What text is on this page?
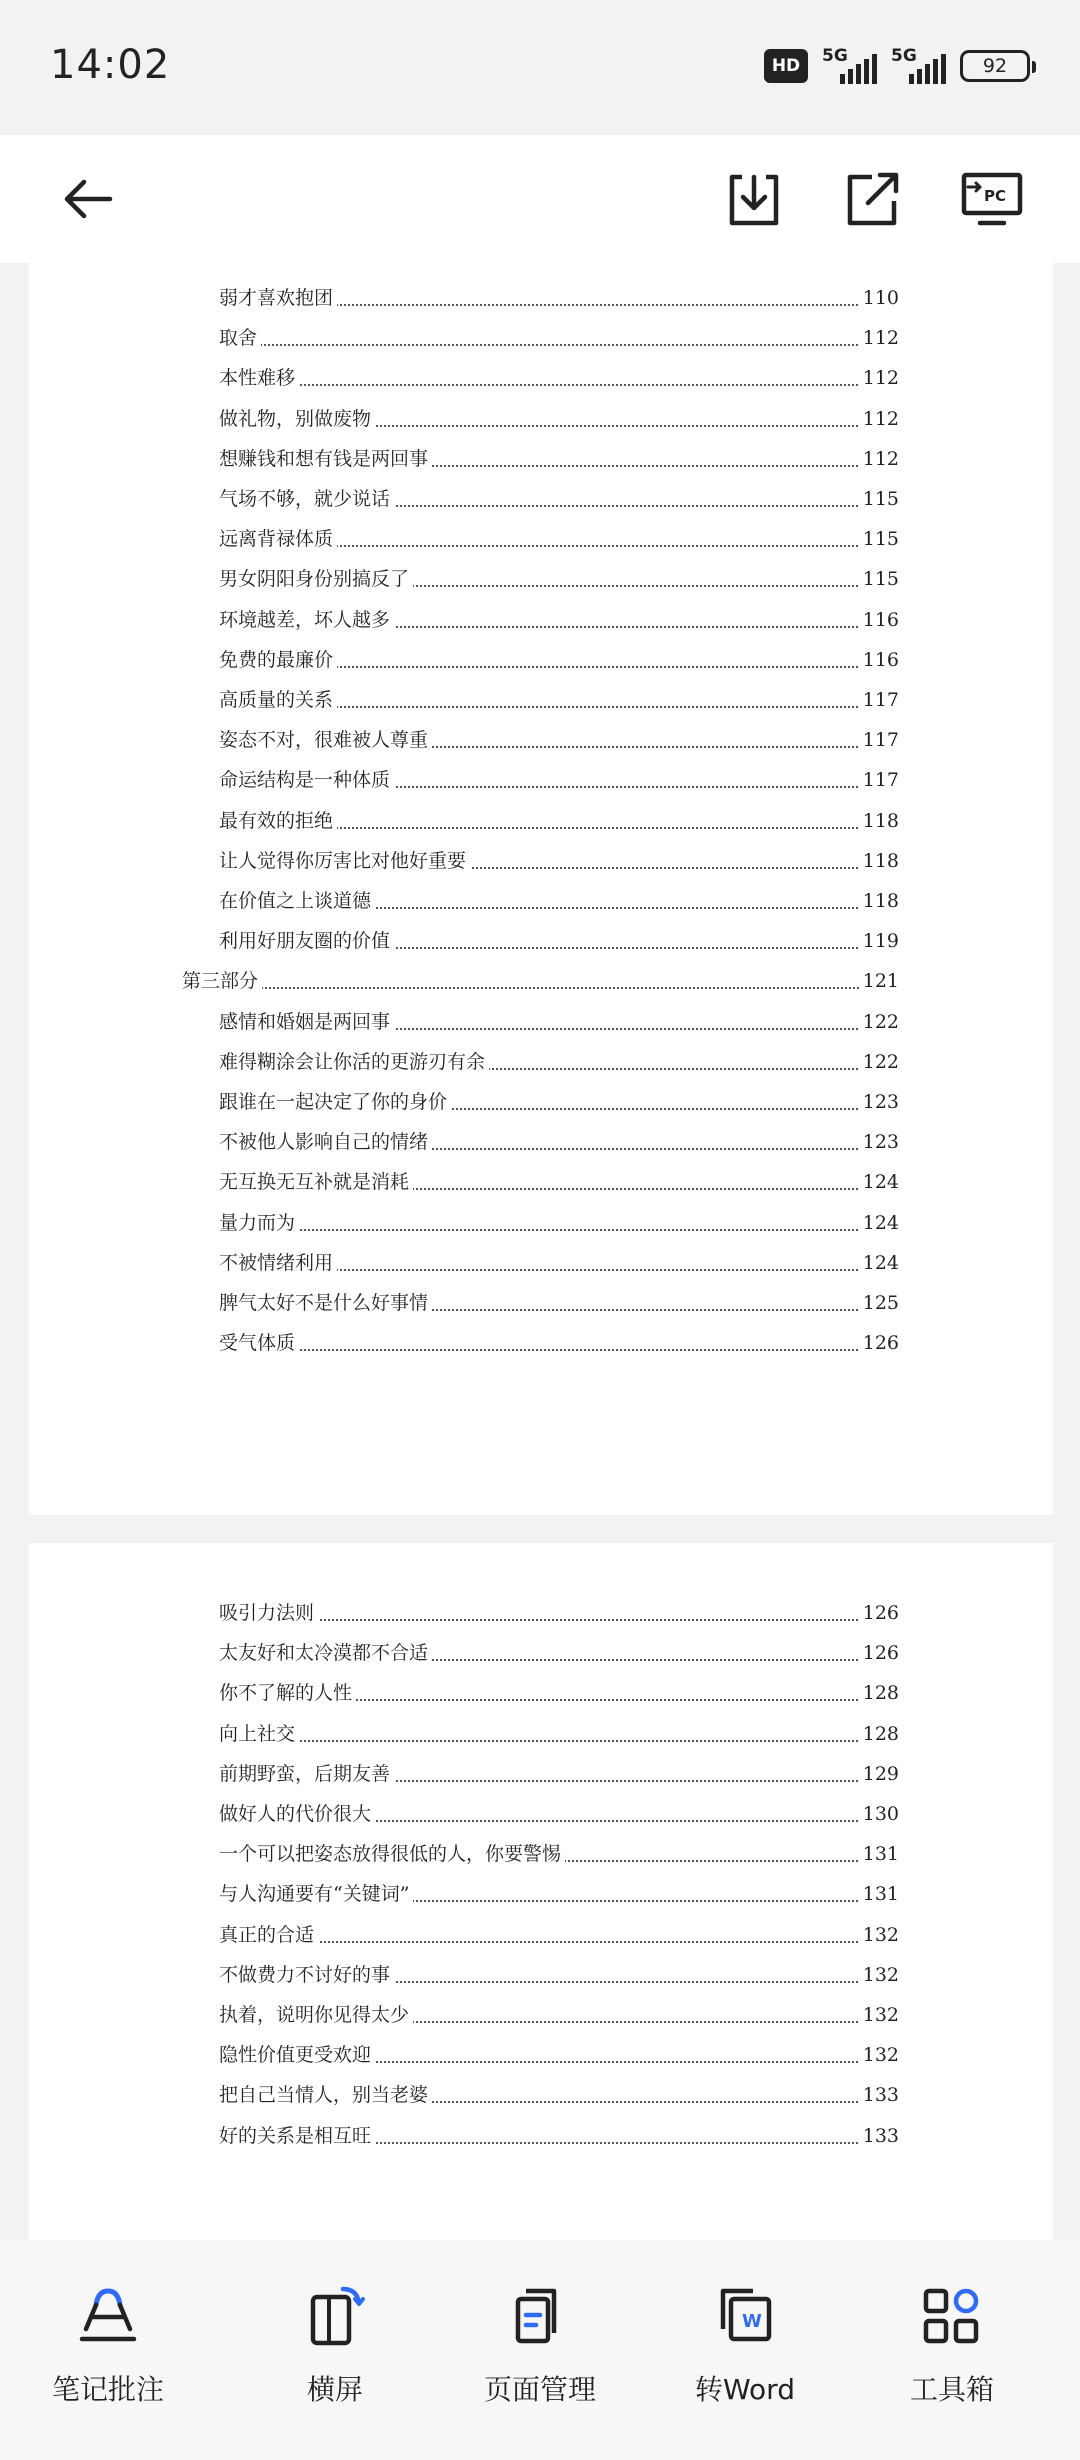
14:02	HD	5G	5G	92
PC
弱才喜欢抱团	110
取舍	112
本性难移	112
做礼物，别做废物	112
想赚钱和想有钱是两回事	112
气场不够，就少说话	115
远离背禄体质	115
男女阴阳身份别搞反了	115
环境越差，坏人越多	116
免费的最廉价	116
高质量的关系	117
姿态不对，很难被人尊重	117
命运结构是一种体质	117
最有效的拒绝	118
让人觉得你厉害比对他好重要	118
在价值之上谈道德	118
利用好朋友圈的价值	119
第三部分	121
感情和婚姻是两回事	122
难得糊涂会让你活的更游刃有余	122
跟谁在一起决定了你的身价	123
不被他人影响自己的情绪	123
无互换无互补就是消耗	124
量力而为	124
不被情绪利用	124
脾气太好不是什么好事情	125
受气体质	126
吸引力法则	126
太友好和太冷漠都不合适	126
你不了解的人性	128
向上社交	128
前期野蛮，后期友善	129
做好人的代价很大	130
一个可以把姿态放得很低的人，你要警惕	131
与人沟通要有“关键词”	131
真正的合适	132
不做费力不讨好的事	132
执着，说明你见得太少	132
隐性价值更受欢迎	132
把自己当情人，别当老婆	133
好的关系是相互旺	133
笔记批注	横屏	页面管理
W
转Word	工具箱
